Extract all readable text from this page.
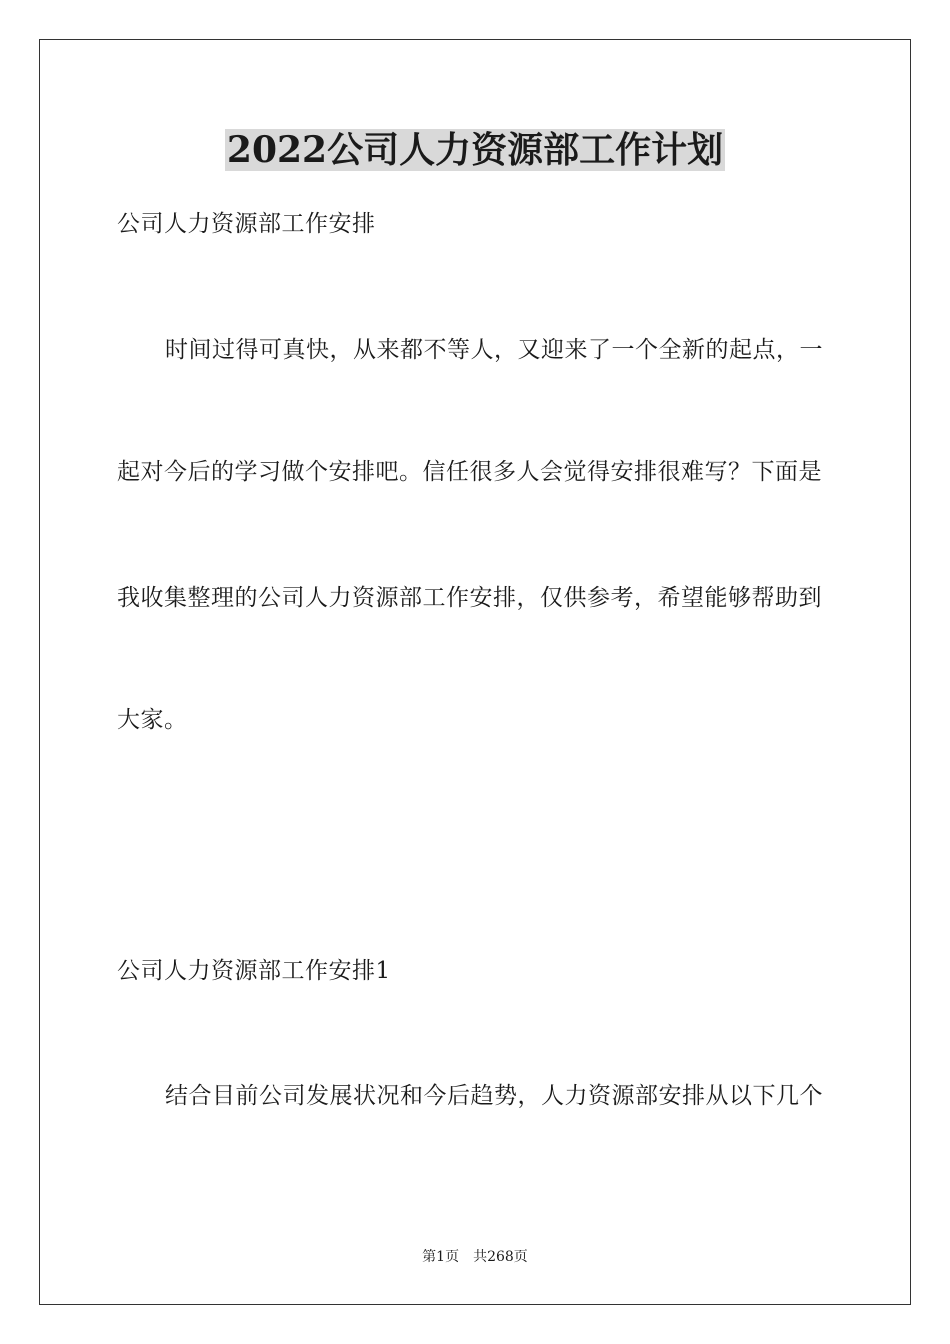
2022公司人力资源部工作计划

公司人力资源部工作安排

时间过得可真快，从来都不等人，又迎来了一个全新的起点，一

起对今后的学习做个安排吧。信任很多人会觉得安排很难写？下面是

我收集整理的公司人力资源部工作安排，仅供参考，希望能够帮助到

大家。

公司人力资源部工作安排1

结合目前公司发展状况和今后趋势，人力资源部安排从以下几个

第1页　共268页
